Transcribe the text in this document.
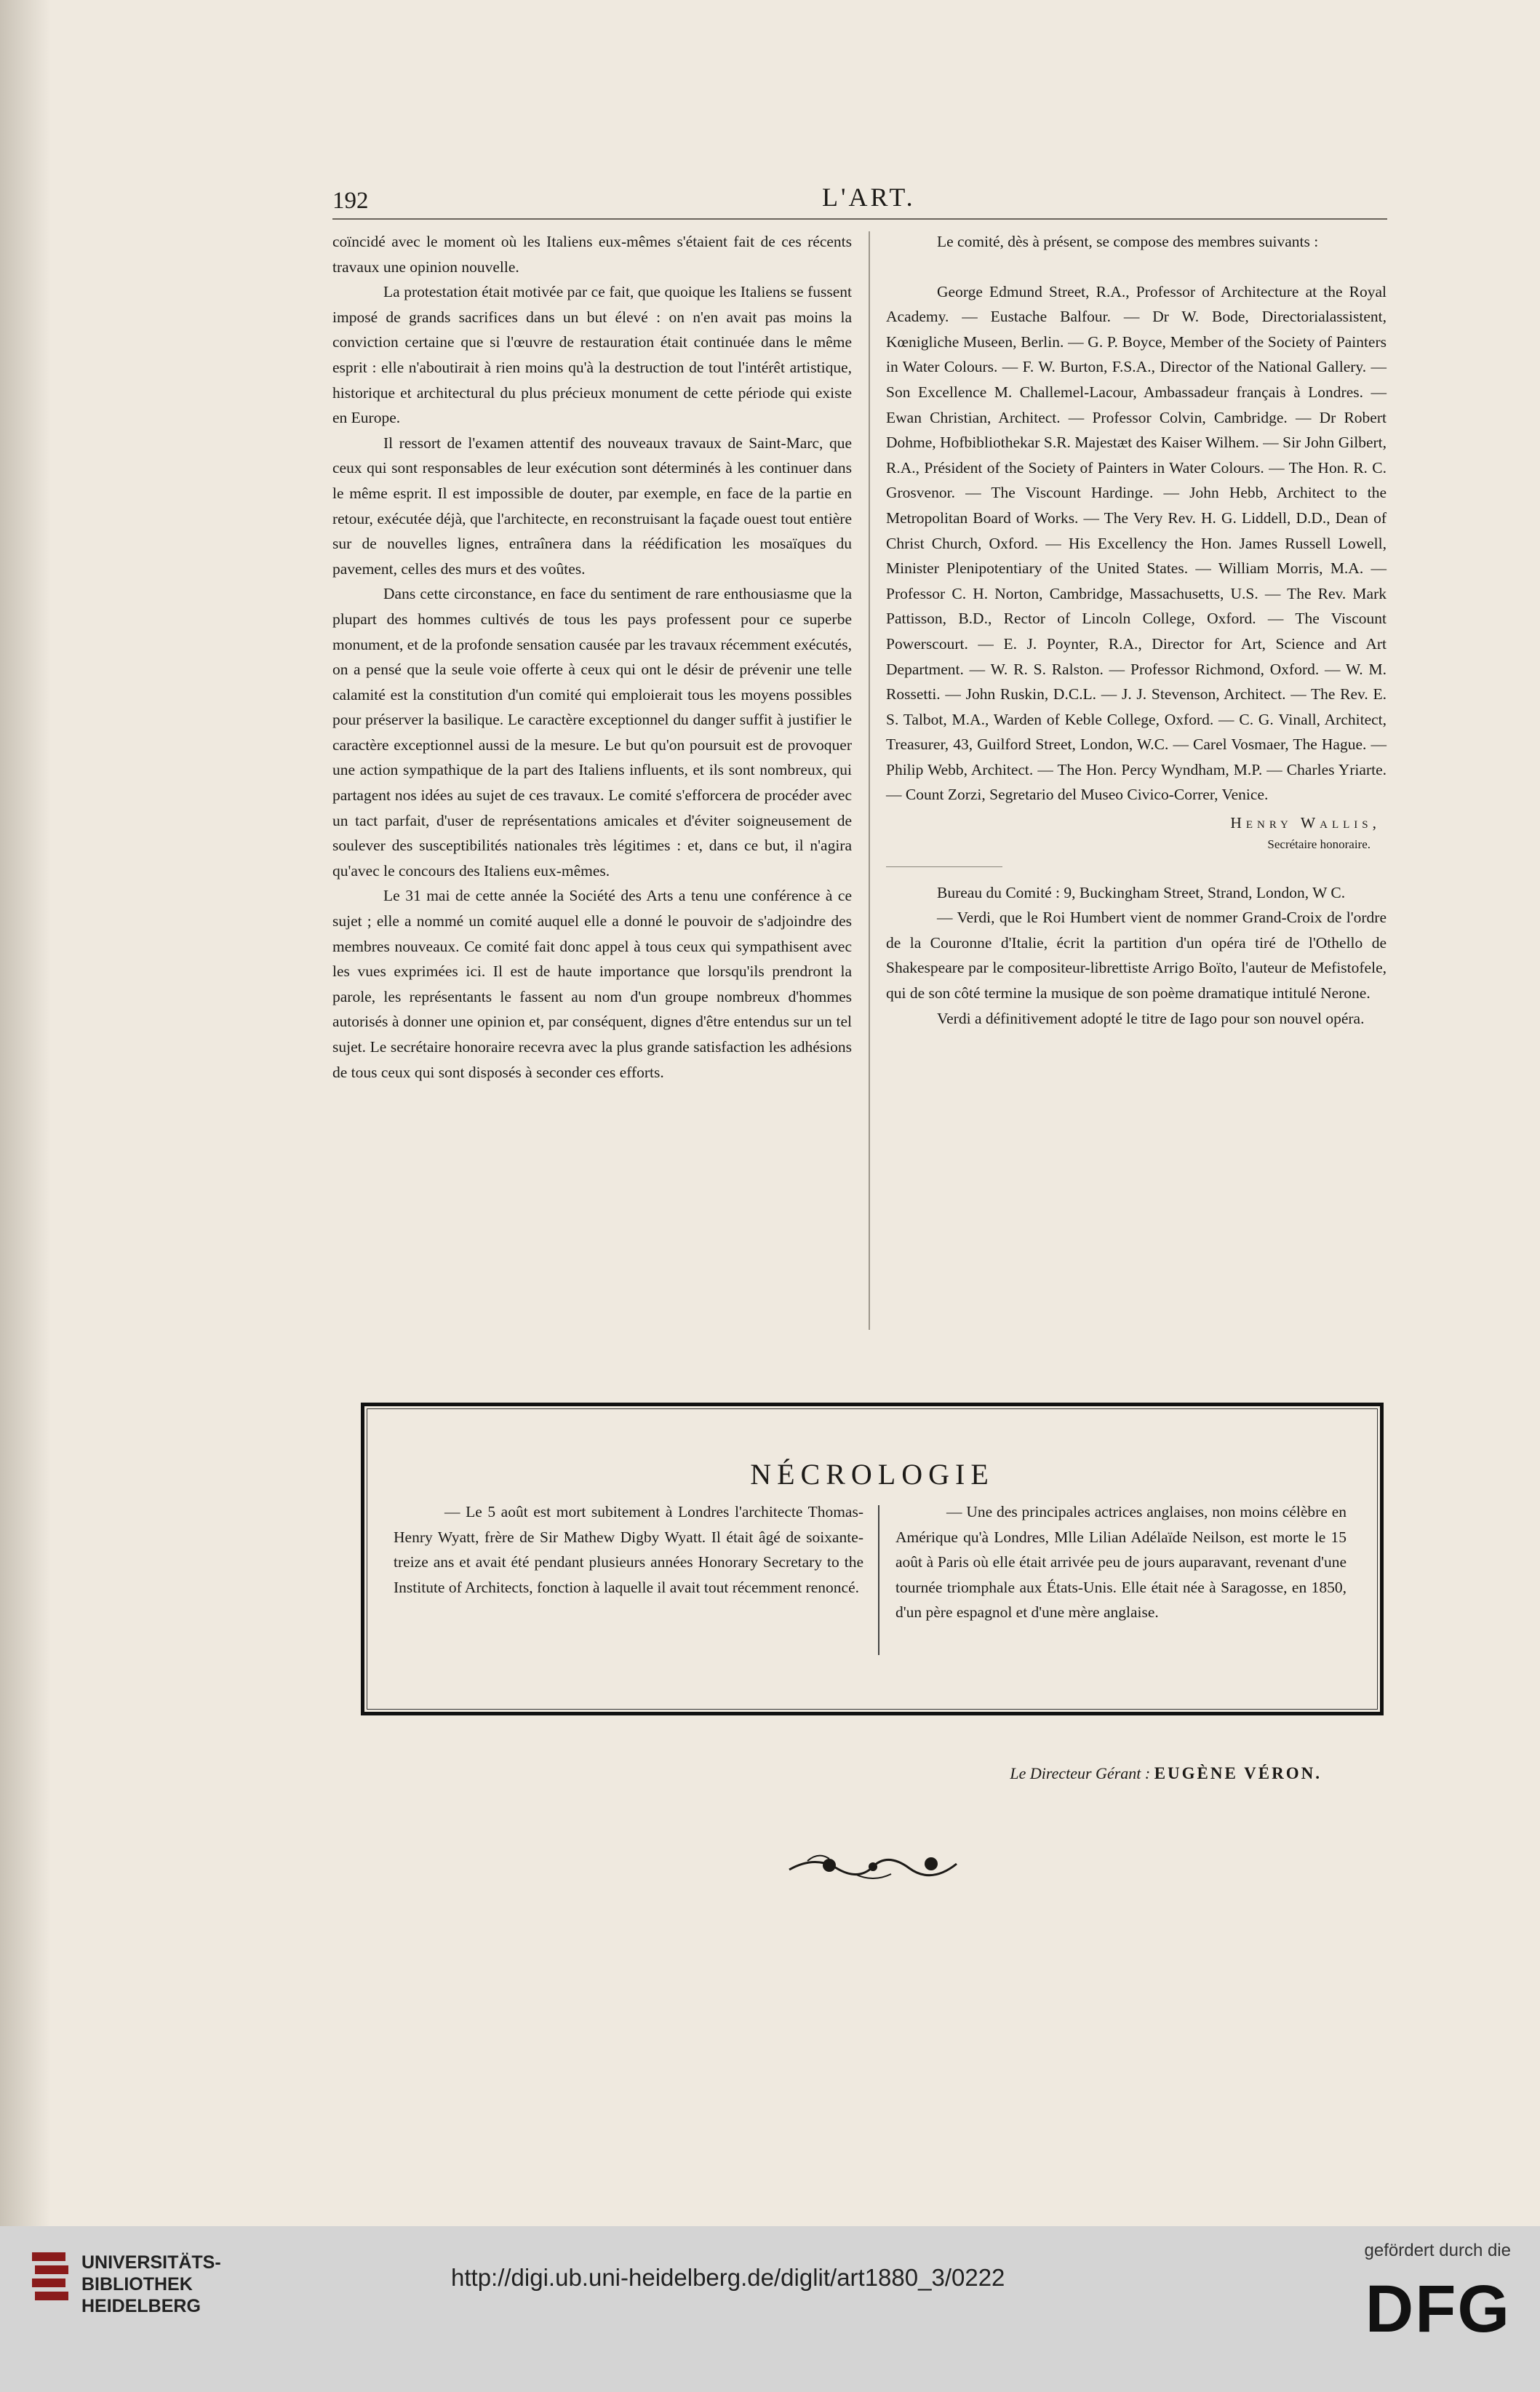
192	L'ART.

coïncidé avec le moment où les Italiens eux-mêmes s'étaient fait de ces récents travaux une opinion nouvelle.

La protestation était motivée par ce fait, que quoique les Italiens se fussent imposé de grands sacrifices dans un but élevé : on n'en avait pas moins la conviction certaine que si l'œuvre de restauration était continuée dans le même esprit : elle n'aboutirait à rien moins qu'à la destruction de tout l'intérêt artistique, historique et architectural du plus précieux monument de cette période qui existe en Europe.

Il ressort de l'examen attentif des nouveaux travaux de Saint-Marc, que ceux qui sont responsables de leur exécution sont déterminés à les continuer dans le même esprit. Il est impossible de douter, par exemple, en face de la partie en retour, exécutée déjà, que l'architecte, en reconstruisant la façade ouest tout entière sur de nouvelles lignes, entraînera dans la réédification les mosaïques du pavement, celles des murs et des voûtes.

Dans cette circonstance, en face du sentiment de rare enthousiasme que la plupart des hommes cultivés de tous les pays professent pour ce superbe monument, et de la profonde sensation causée par les travaux récemment exécutés, on a pensé que la seule voie offerte à ceux qui ont le désir de prévenir une telle calamité est la constitution d'un comité qui emploierait tous les moyens possibles pour préserver la basilique. Le caractère exceptionnel du danger suffit à justifier le caractère exceptionnel aussi de la mesure. Le but qu'on poursuit est de provoquer une action sympathique de la part des Italiens influents, et ils sont nombreux, qui partagent nos idées au sujet de ces travaux. Le comité s'efforcera de procéder avec un tact parfait, d'user de représentations amicales et d'éviter soigneusement de soulever des susceptibilités nationales très légitimes : et, dans ce but, il n'agira qu'avec le concours des Italiens eux-mêmes.

Le 31 mai de cette année la Société des Arts a tenu une conférence à ce sujet ; elle a nommé un comité auquel elle a donné le pouvoir de s'adjoindre des membres nouveaux. Ce comité fait donc appel à tous ceux qui sympathisent avec les vues exprimées ici. Il est de haute importance que lorsqu'ils prendront la parole, les représentants le fassent au nom d'un groupe nombreux d'hommes autorisés à donner une opinion et, par conséquent, dignes d'être entendus sur un tel sujet. Le secrétaire honoraire recevra avec la plus grande satisfaction les adhésions de tous ceux qui sont disposés à seconder ces efforts.

Le comité, dès à présent, se compose des membres suivants :

George Edmund Street, R.A., Professor of Architecture at the Royal Academy. — Eustache Balfour. — Dr W. Bode, Directorialassistent, Kœnigliche Museen, Berlin. — G. P. Boyce, Member of the Society of Painters in Water Colours. — F. W. Burton, F.S.A., Director of the National Gallery. — Son Excellence M. Challemel-Lacour, Ambassadeur français à Londres. — Ewan Christian, Architect. — Professor Colvin, Cambridge. — Dr Robert Dohme, Hofbibliothekar S.R. Majestæt des Kaiser Wilhem. — Sir John Gilbert, R.A., Président of the Society of Painters in Water Colours. — The Hon. R. C. Grosvenor. — The Viscount Hardinge. — John Hebb, Architect to the Metropolitan Board of Works. — The Very Rev. H. G. Liddell, D.D., Dean of Christ Church, Oxford. — His Excellency the Hon. James Russell Lowell, Minister Plenipotentiary of the United States. — William Morris, M.A. — Professor C. H. Norton, Cambridge, Massachusetts, U.S. — The Rev. Mark Pattisson, B.D., Rector of Lincoln College, Oxford. — The Viscount Powerscourt. — E. J. Poynter, R.A., Director for Art, Science and Art Department. — W. R. S. Ralston. — Professor Richmond, Oxford. — W. M. Rossetti. — John Ruskin, D.C.L. — J. J. Stevenson, Architect. — The Rev. E. S. Talbot, M.A., Warden of Keble College, Oxford. — C. G. Vinall, Architect, Treasurer, 43, Guilford Street, London, W.C. — Carel Vosmaer, The Hague. — Philip Webb, Architect. — The Hon. Percy Wyndham, M.P. — Charles Yriarte. — Count Zorzi, Segretario del Museo Civico-Correr, Venice.

Henry Wallis,

Secrétaire honoraire.

Bureau du Comité : 9, Buckingham Street, Strand, London, W C.

— Verdi, que le Roi Humbert vient de nommer Grand-Croix de l'ordre de la Couronne d'Italie, écrit la partition d'un opéra tiré de l'Othello de Shakespeare par le compositeur-librettiste Arrigo Boïto, l'auteur de Mefistofele, qui de son côté termine la musique de son poème dramatique intitulé Nerone.

Verdi a définitivement adopté le titre de Iago pour son nouvel opéra.

NÉCROLOGIE

— Le 5 août est mort subitement à Londres l'architecte Thomas-Henry Wyatt, frère de Sir Mathew Digby Wyatt. Il était âgé de soixante-treize ans et avait été pendant plusieurs années Honorary Secretary to the Institute of Architects, fonction à laquelle il avait tout récemment renoncé.

— Une des principales actrices anglaises, non moins célèbre en Amérique qu'à Londres, Mlle Lilian Adélaïde Neilson, est morte le 15 août à Paris où elle était arrivée peu de jours auparavant, revenant d'une tournée triomphale aux États-Unis. Elle était née à Saragosse, en 1850, d'un père espagnol et d'une mère anglaise.

Le Directeur Gérant : EUGÈNE VÉRON.
UNIVERSITÄTS-
BIBLIOTHEK
HEIDELBERG
http://digi.ub.uni-heidelberg.de/diglit/art1880_3/0222
gefördert durch die
DFG
